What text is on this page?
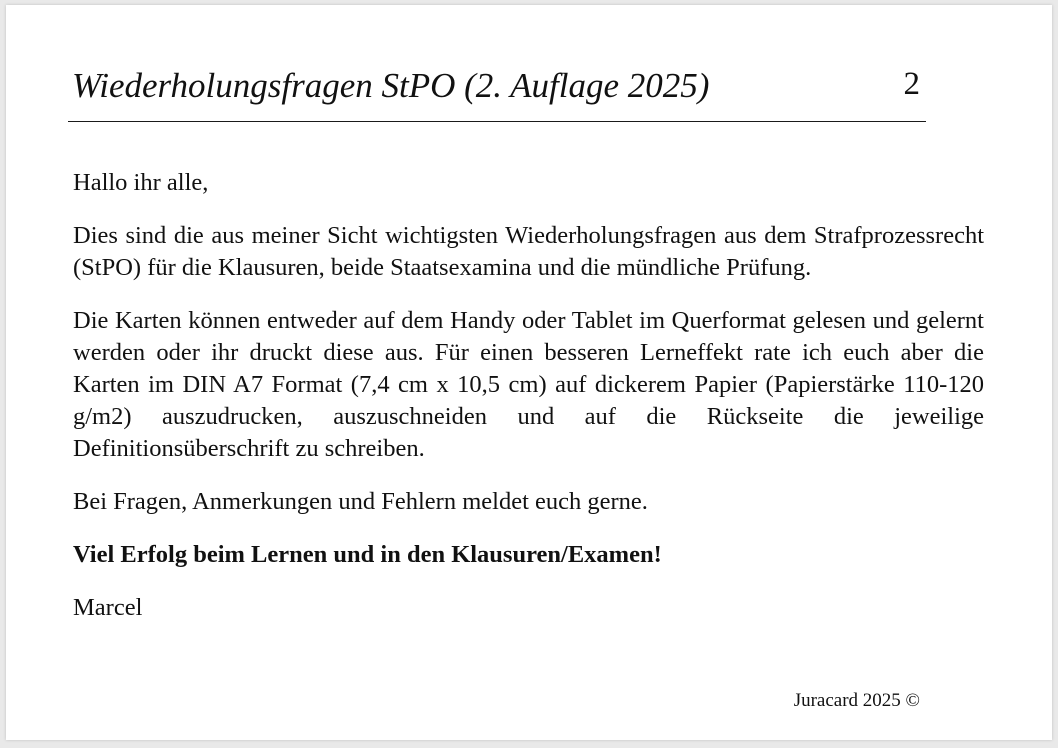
Wiederholungsfragen StPO (2. Auflage 2025)	2

Hallo ihr alle,

Dies sind die aus meiner Sicht wichtigsten Wiederholungsfragen aus dem Strafprozessrecht (StPO) für die Klausuren, beide Staatsexamina und die mündliche Prüfung.

Die Karten können entweder auf dem Handy oder Tablet im Querformat gelesen und gelernt werden oder ihr druckt diese aus. Für einen besseren Lerneffekt rate ich euch aber die Karten im DIN A7 Format (7,4 cm x 10,5 cm) auf dickerem Papier (Papierstärke 110-120 g/m2) auszudrucken, auszuschneiden und auf die Rückseite die jeweilige Definitionsüberschrift zu schreiben.

Bei Fragen, Anmerkungen und Fehlern meldet euch gerne.

Viel Erfolg beim Lernen und in den Klausuren/Examen!

Marcel

Juracard 2025 ©
